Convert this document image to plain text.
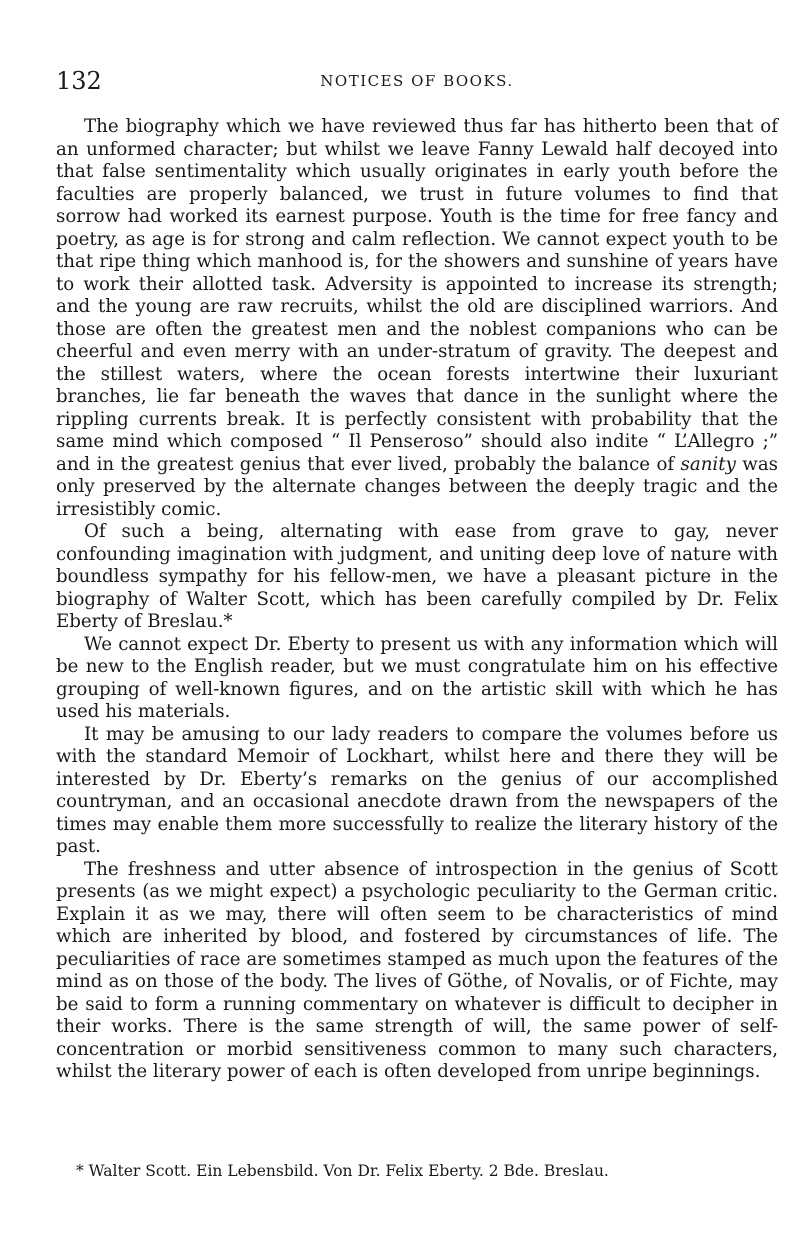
132	NOTICES OF BOOKS.

The biography which we have reviewed thus far has hitherto been that of an unformed character; but whilst we leave Fanny Lewald half decoyed into that false sentimentality which usually originates in early youth before the faculties are properly balanced, we trust in future volumes to find that sorrow had worked its earnest purpose. Youth is the time for free fancy and poetry, as age is for strong and calm reflection. We cannot expect youth to be that ripe thing which manhood is, for the showers and sunshine of years have to work their allotted task. Adversity is appointed to increase its strength; and the young are raw recruits, whilst the old are disciplined warriors. And those are often the greatest men and the noblest companions who can be cheerful and even merry with an under-stratum of gravity. The deepest and the stillest waters, where the ocean forests intertwine their luxuriant branches, lie far beneath the waves that dance in the sunlight where the rippling currents break. It is perfectly consistent with probability that the same mind which composed “ Il Penseroso” should also indite “ L’Allegro ;” and in the greatest genius that ever lived, probably the balance of sanity was only preserved by the alternate changes between the deeply tragic and the irresistibly comic.

Of such a being, alternating with ease from grave to gay, never confounding imagination with judgment, and uniting deep love of nature with boundless sympathy for his fellow-men, we have a pleasant picture in the biography of Walter Scott, which has been carefully compiled by Dr. Felix Eberty of Breslau.*

We cannot expect Dr. Eberty to present us with any information which will be new to the English reader, but we must congratulate him on his effective grouping of well-known figures, and on the artistic skill with which he has used his materials.

It may be amusing to our lady readers to compare the volumes before us with the standard Memoir of Lockhart, whilst here and there they will be interested by Dr. Eberty’s remarks on the genius of our accomplished countryman, and an occasional anecdote drawn from the newspapers of the times may enable them more successfully to realize the literary history of the past.

The freshness and utter absence of introspection in the genius of Scott presents (as we might expect) a psychologic peculiarity to the German critic. Explain it as we may, there will often seem to be characteristics of mind which are inherited by blood, and fostered by circumstances of life. The peculiarities of race are sometimes stamped as much upon the features of the mind as on those of the body. The lives of Göthe, of Novalis, or of Fichte, may be said to form a running commentary on whatever is difficult to decipher in their works. There is the same strength of will, the same power of self-concentration or morbid sensitiveness common to many such characters, whilst the literary power of each is often developed from unripe beginnings.

* Walter Scott. Ein Lebensbild. Von Dr. Felix Eberty. 2 Bde. Breslau.
